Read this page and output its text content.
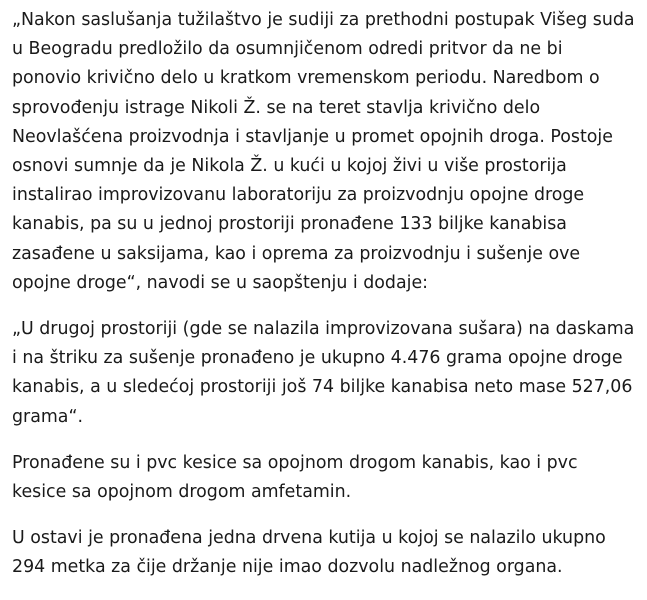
„Nakon saslušanja tužilaštvo je sudiji za prethodni postupak Višeg suda u Beogradu predložilo da osumnjičenom odredi pritvor da ne bi ponovio krivično delo u kratkom vremenskom periodu. Naredbom o sprovođenju istrage Nikoli Ž. se na teret stavlja krivično delo Neovlašćena proizvodnja i stavljanje u promet opojnih droga. Postoje osnovi sumnje da je Nikola Ž. u kući u kojoj živi u više prostorija instalirao improvizovanu laboratoriju za proizvodnju opojne droge kanabis, pa su u jednoj prostoriji pronađene 133 biljke kanabisa zasađene u saksijama, kao i oprema za proizvodnju i sušenje ove opojne droge“, navodi se u saopštenju i dodaje:

„U drugoj prostoriji (gde se nalazila improvizovana sušara) na daskama i na štriku za sušenje pronađeno je ukupno 4.476 grama opojne droge kanabis, a u sledećoj prostoriji još 74 biljke kanabisa neto mase 527,06 grama“.

Pronađene su i pvc kesice sa opojnom drogom kanabis, kao i pvc kesice sa opojnom drogom amfetamin.

U ostavi je pronađena jedna drvena kutija u kojoj se nalazilo ukupno 294 metka za čije držanje nije imao dozvolu nadležnog organa.
